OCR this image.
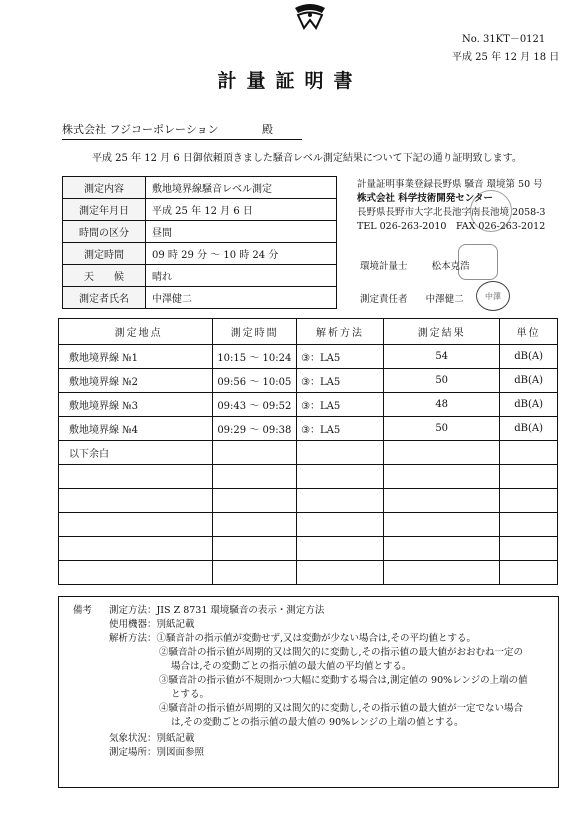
No. 31KT－0121
平成 25 年 12 月 18 日
計量証明書
株式会社 フジコーポレーション	殿
平成 25 年 12 月 6 日御依頼頂きました騒音レベル測定結果について下記の通り証明致します。
測定内容	敷地境界線騒音レベル測定
測定年月日	平成 25 年 12 月 6 日
時間の区分	昼間
測定時間	09 時 29 分 ～ 10 時 24 分
天　　候	晴れ
測定者氏名	中澤健二
計量証明事業登録長野県 騒音 環境第 50 号
株式会社 科学技術開発センター
長野県長野市大字北長池字南長池境 2058-3
TEL 026-263-2010　FAX 026-263-2012
環境計量士	松本克浩
測定責任者 中澤健二	中澤
測定地点	測定時間	解析方法	測定結果	単位
敷地境界線 №1	10:15 ～ 10:24	③：LA5	54	dB(A)
敷地境界線 №2	09:56 ～ 10:05	③：LA5	50	dB(A)
敷地境界線 №3	09:43 ～ 09:52	③：LA5	48	dB(A)
敷地境界線 №4	09:29 ～ 09:38	③：LA5	50	dB(A)
以下余白				

備考 測定方法：JIS Z 8731 環境騒音の表示・測定方法
使用機器：別紙記載
解析方法：①騒音計の指示値が変動せず,又は変動が少ない場合は,その平均値とする。
②騒音計の指示値が周期的又は間欠的に変動し,その指示値の最大値がおおむね一定の
場合は,その変動ごとの指示値の最大値の平均値とする。
③騒音計の指示値が不規則かつ大幅に変動する場合は,測定値の 90%レンジの上端の値
とする。
④騒音計の指示値が周期的又は間欠的に変動し,その指示値の最大値が一定でない場合
は,その変動ごとの指示値の最大値の 90%レンジの上端の値とする。
気象状況：別紙記載
測定場所：別図面参照
